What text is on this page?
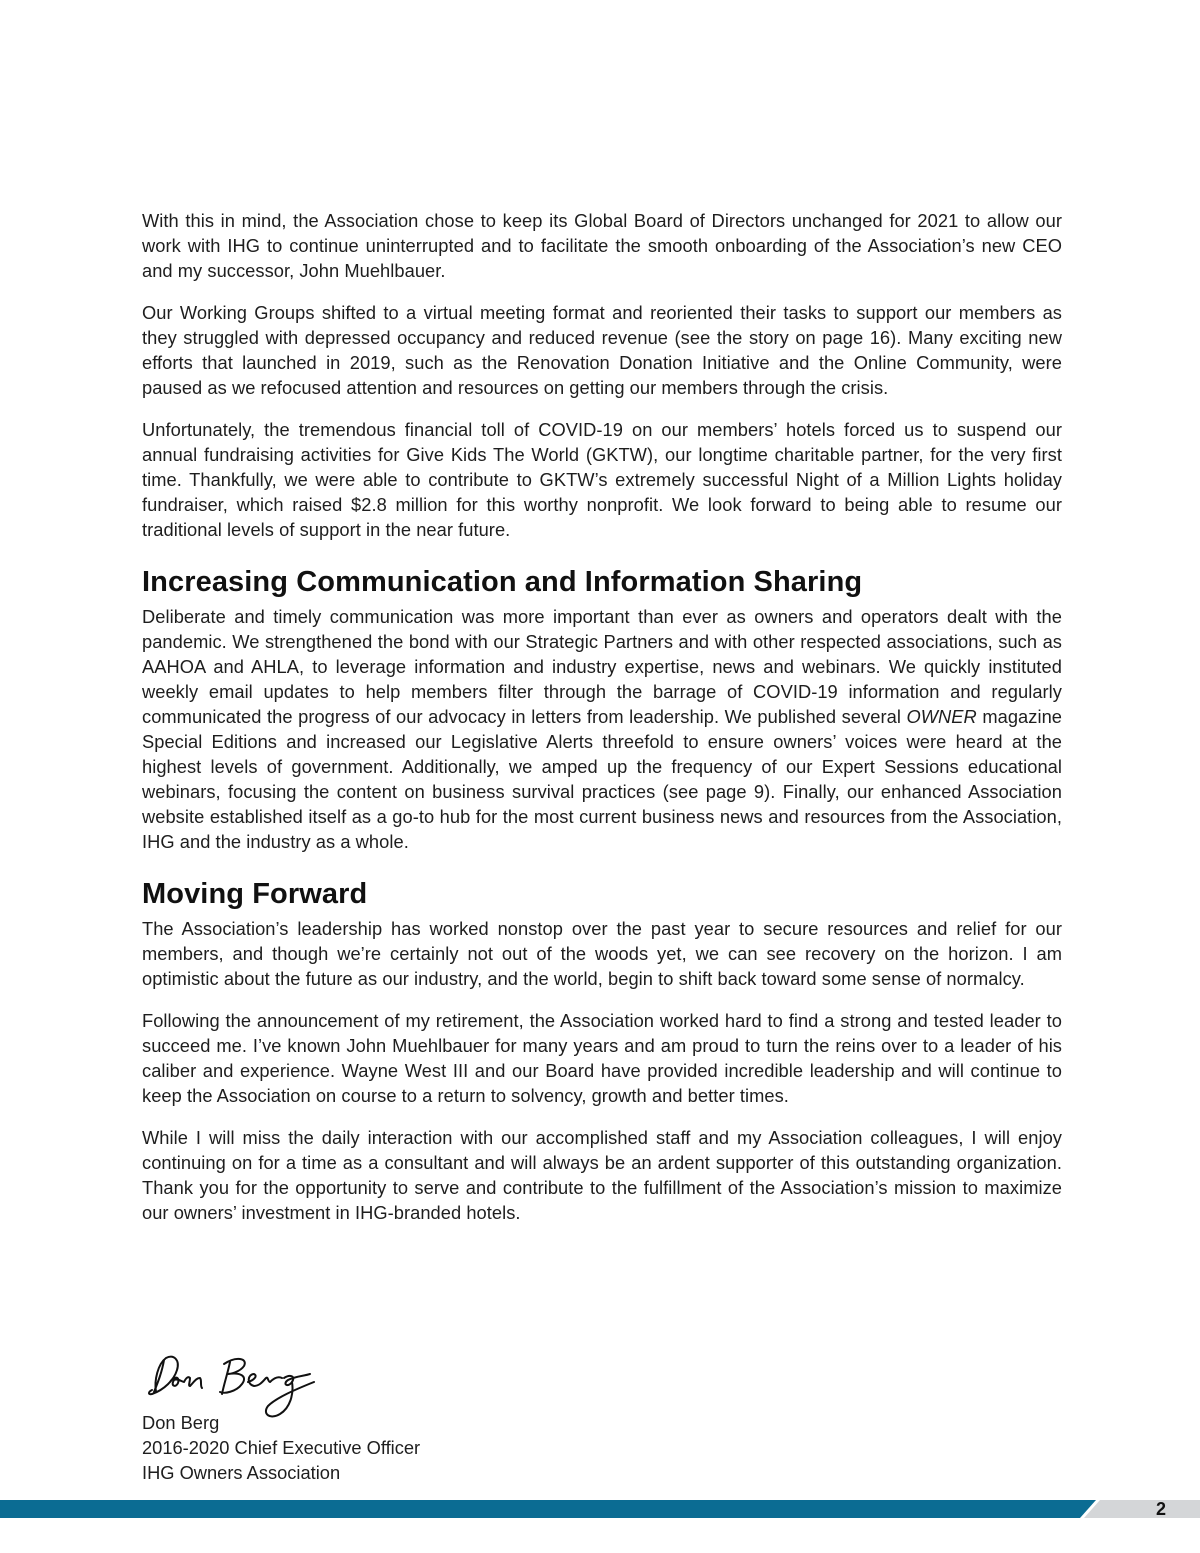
With this in mind, the Association chose to keep its Global Board of Directors unchanged for 2021 to allow our work with IHG to continue uninterrupted and to facilitate the smooth onboarding of the Association’s new CEO and my successor, John Muehlbauer.

Our Working Groups shifted to a virtual meeting format and reoriented their tasks to support our members as they struggled with depressed occupancy and reduced revenue (see the story on page 16). Many exciting new efforts that launched in 2019, such as the Renovation Donation Initiative and the Online Community, were paused as we refocused attention and resources on getting our members through the crisis.

Unfortunately, the tremendous financial toll of COVID-19 on our members’ hotels forced us to suspend our annual fundraising activities for Give Kids The World (GKTW), our longtime charitable partner, for the very first time. Thankfully, we were able to contribute to GKTW’s extremely successful Night of a Million Lights holiday fundraiser, which raised $2.8 million for this worthy nonprofit. We look forward to being able to resume our traditional levels of support in the near future.

Increasing Communication and Information Sharing

Deliberate and timely communication was more important than ever as owners and operators dealt with the pandemic. We strengthened the bond with our Strategic Partners and with other respected associations, such as AAHOA and AHLA, to leverage information and industry expertise, news and webinars. We quickly instituted weekly email updates to help members filter through the barrage of COVID-19 information and regularly communicated the progress of our advocacy in letters from leadership. We published several OWNER magazine Special Editions and increased our Legislative Alerts threefold to ensure owners’ voices were heard at the highest levels of government. Additionally, we amped up the frequency of our Expert Sessions educational webinars, focusing the content on business survival practices (see page 9). Finally, our enhanced Association website established itself as a go-to hub for the most current business news and resources from the Association, IHG and the industry as a whole.

Moving Forward

The Association’s leadership has worked nonstop over the past year to secure resources and relief for our members, and though we’re certainly not out of the woods yet, we can see recovery on the horizon. I am optimistic about the future as our industry, and the world, begin to shift back toward some sense of normalcy.

Following the announcement of my retirement, the Association worked hard to find a strong and tested leader to succeed me. I’ve known John Muehlbauer for many years and am proud to turn the reins over to a leader of his caliber and experience. Wayne West III and our Board have provided incredible leadership and will continue to keep the Association on course to a return to solvency, growth and better times.

While I will miss the daily interaction with our accomplished staff and my Association colleagues, I will enjoy continuing on for a time as a consultant and will always be an ardent supporter of this outstanding organization. Thank you for the opportunity to serve and contribute to the fulfillment of the Association’s mission to maximize our owners’ investment in IHG-branded hotels.

Don Berg

2016-2020 Chief Executive Officer

IHG Owners Association

2
